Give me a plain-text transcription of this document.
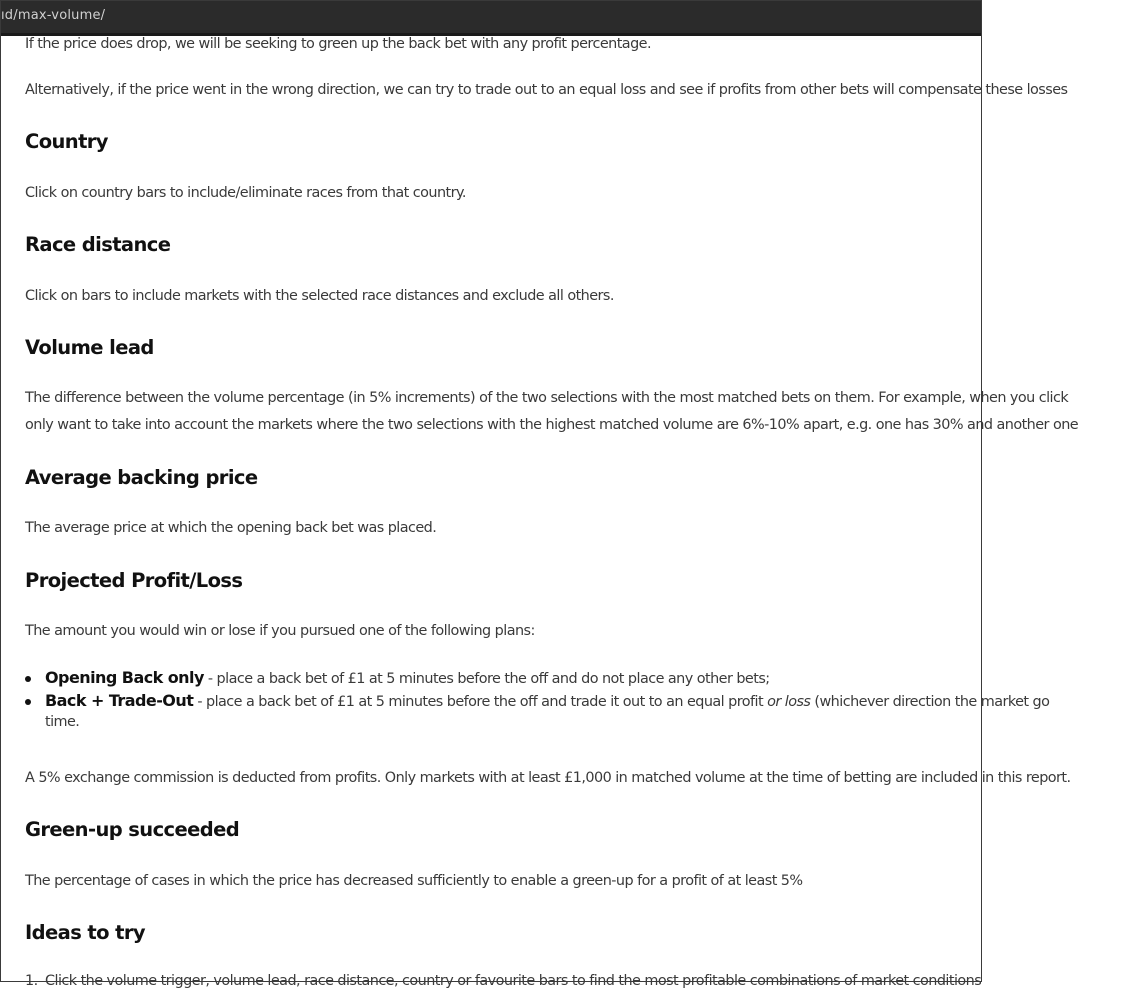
ıd/max-volume/

If the price does drop, we will be seeking to green up the back bet with any profit percentage.

Alternatively, if the price went in the wrong direction, we can try to trade out to an equal loss and see if profits from other bets will compensate these losses

Country

Click on country bars to include/eliminate races from that country.

Race distance

Click on bars to include markets with the selected race distances and exclude all others.

Volume lead

The difference between the volume percentage (in 5% increments) of the two selections with the most matched bets on them. For example, when you click

only want to take into account the markets where the two selections with the highest matched volume are 6%-10% apart, e.g. one has 30% and another one

Average backing price

The average price at which the opening back bet was placed.

Projected Profit/Loss

The amount you would win or lose if you pursued one of the following plans:

Opening Back only - place a back bet of £1 at 5 minutes before the off and do not place any other bets;
Back + Trade-Out - place a back bet of £1 at 5 minutes before the off and trade it out to an equal profit or loss (whichever direction the market go
time.

A 5% exchange commission is deducted from profits. Only markets with at least £1,000 in matched volume at the time of betting are included in this report.

Green-up succeeded

The percentage of cases in which the price has decreased sufficiently to enable a green-up for a profit of at least 5%

Ideas to try
1. Click the volume trigger, volume lead, race distance, country or favourite bars to find the most profitable combinations of market conditions
